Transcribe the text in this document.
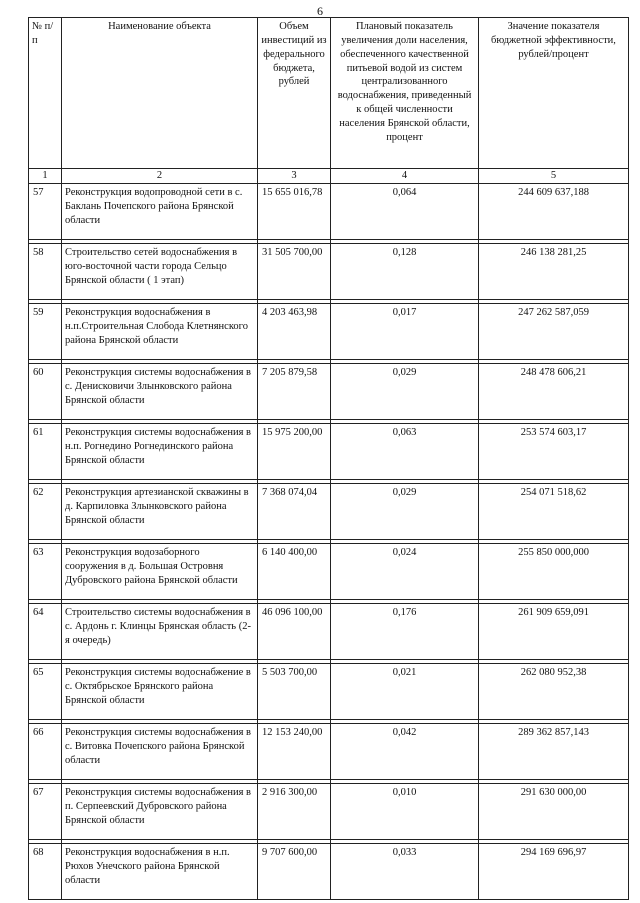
6
№ п/п	Наименование объекта	Объем инвестиций из федерального бюджета, рублей	Плановый показатель увеличения доли населения, обеспеченного качественной питьевой водой из систем централизованного водоснабжения, приведенный к общей численности населения Брянской области, процент	Значение показателя бюджетной эффективности, рублей/процент
1	2	3	4	5
57	Реконструкция водопроводной сети в с. Баклань Почепского района Брянской области	15 655 016,78	0,064	244 609 637,188

58	Строительство сетей водоснабжения в юго-восточной части города Сельцо Брянской области ( 1 этап)	31 505 700,00	0,128	246 138 281,25

59	Реконструкция водоснабжения в н.п.Строительная Слобода Клетнянского района Брянской области	4 203 463,98	0,017	247 262 587,059

60	Реконструкция системы водоснабжения в с. Денисковичи Злынковского района Брянской области	7 205 879,58	0,029	248 478 606,21

61	Реконструкция системы водоснабжения в н.п. Рогнедино Рогнединского района Брянской области	15 975 200,00	0,063	253 574 603,17

62	Реконструкция артезианской скважины в д. Карпиловка Злынковского района Брянской области	7 368 074,04	0,029	254 071 518,62

63	Реконструкция водозаборного сооружения в д. Большая Островня Дубровского района Брянской области	6 140 400,00	0,024	255 850 000,000

64	Строительство системы водоснабжения в с. Ардонь г. Клинцы Брянская область (2-я очередь)	46 096 100,00	0,176	261 909 659,091

65	Реконструкция системы водоснабжение в с. Октябрьское Брянского района Брянской области	5 503 700,00	0,021	262 080 952,38

66	Реконструкция системы водоснабжения в с. Витовка Почепского района Брянской области	12 153 240,00	0,042	289 362 857,143

67	Реконструкция системы водоснабжения в п. Серпеевский Дубровского района Брянской области	2 916 300,00	0,010	291 630 000,00

68	Реконструкция водоснабжения в н.п. Рюхов Унечского района Брянской области	9 707 600,00	0,033	294 169 696,97
